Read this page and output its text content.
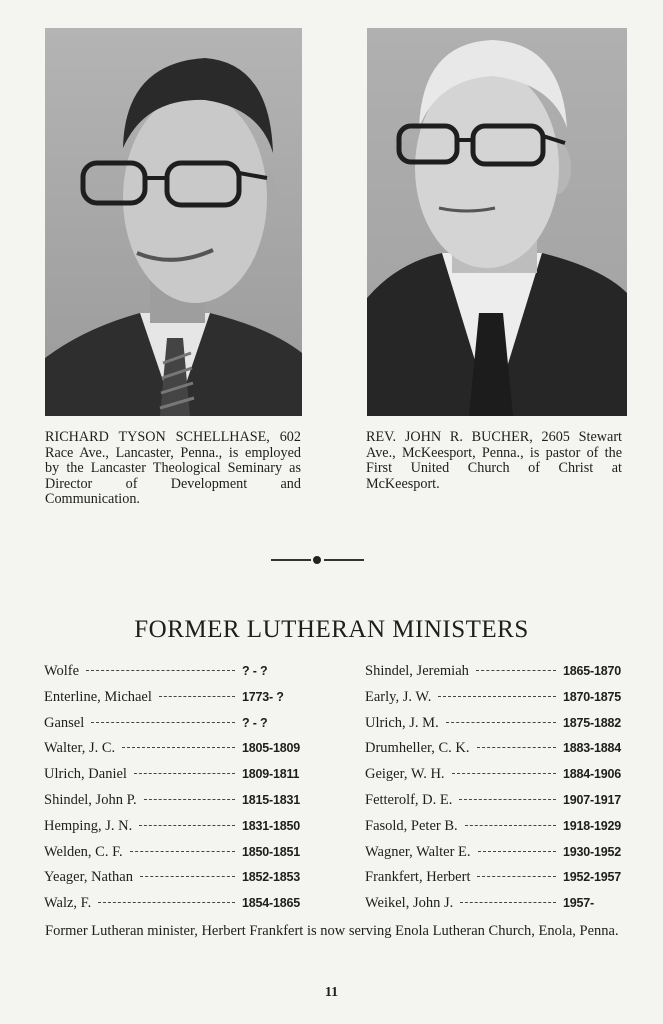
RICHARD TYSON SCHELLHASE, 602 Race Ave., Lancaster, Penna., is employed by the Lancaster Theological Seminary as Director of Development and Communication.
REV. JOHN R. BUCHER, 2605 Stewart Ave., McKeesport, Penna., is pastor of the First United Church of Christ at McKeesport.
FORMER LUTHERAN MINISTERS
Wolfe	? - ?
Enterline, Michael	1773- ?
Gansel	? - ?
Walter, J. C.	1805-1809
Ulrich, Daniel	1809-1811
Shindel, John P.	1815-1831
Hemping, J. N.	1831-1850
Welden, C. F.	1850-1851
Yeager, Nathan	1852-1853
Walz, F.	1854-1865
Shindel, Jeremiah	1865-1870
Early, J. W.	1870-1875
Ulrich, J. M.	1875-1882
Drumheller, C. K.	1883-1884
Geiger, W. H.	1884-1906
Fetterolf, D. E.	1907-1917
Fasold, Peter B.	1918-1929
Wagner, Walter E.	1930-1952
Frankfert, Herbert	1952-1957
Weikel, John J.	1957-
Former Lutheran minister, Herbert Frankfert is now serving Enola Lutheran Church, Enola, Penna.
11
